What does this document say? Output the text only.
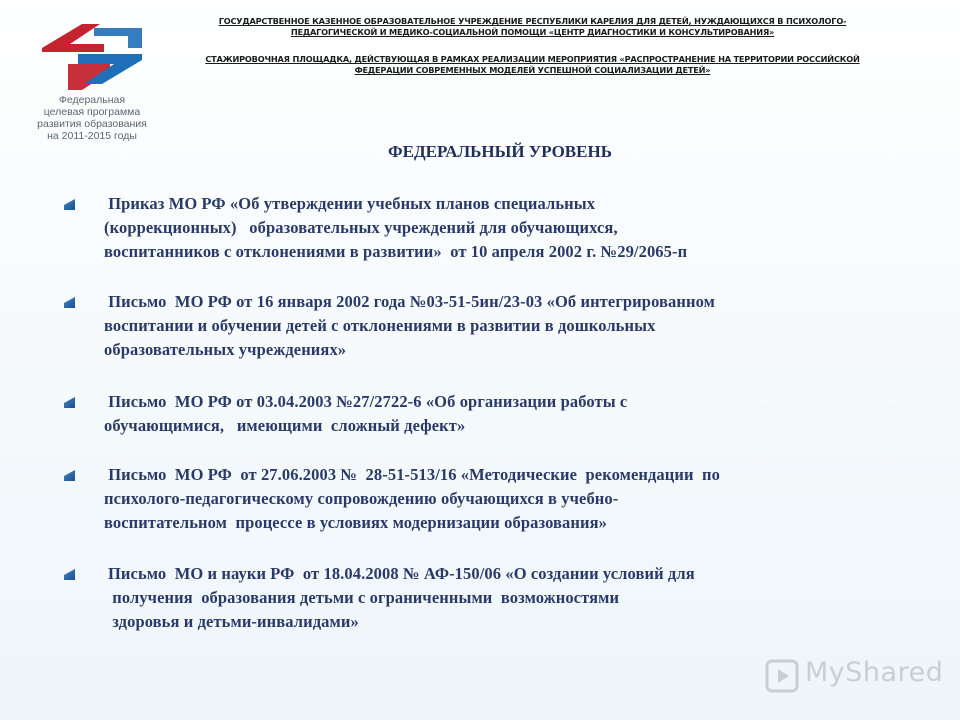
Федеральная
целевая программа
развития образования
на 2011-2015 годы
ГОСУДАРСТВЕННОЕ КАЗЕННОЕ ОБРАЗОВАТЕЛЬНОЕ УЧРЕЖДЕНИЕ РЕСПУБЛИКИ КАРЕЛИЯ ДЛЯ ДЕТЕЙ, НУЖДАЮЩИХСЯ В ПСИХОЛОГО-
ПЕДАГОГИЧЕСКОЙ И МЕДИКО-СОЦИАЛЬНОЙ ПОМОЩИ «ЦЕНТР ДИАГНОСТИКИ И КОНСУЛЬТИРОВАНИЯ»
СТАЖИРОВОЧНАЯ ПЛОЩАДКА, ДЕЙСТВУЮЩАЯ В РАМКАХ РЕАЛИЗАЦИИ МЕРОПРИЯТИЯ «РАСПРОСТРАНЕНИЕ НА ТЕРРИТОРИИ РОССИЙСКОЙ
ФЕДЕРАЦИИ СОВРЕМЕННЫХ МОДЕЛЕЙ УСПЕШНОЙ СОЦИАЛИЗАЦИИ ДЕТЕЙ»
ФЕДЕРАЛЬНЫЙ УРОВЕНЬ
Приказ МО РФ «Об утверждении учебных планов специальных
(коррекционных)   образовательных учреждений для обучающихся,
воспитанников с отклонениями в развитии»  от 10 апреля 2002 г. №29/2065-п
Письмо  МО РФ от 16 января 2002 года №03-51-5ин/23-03 «Об интегрированном
воспитании и обучении детей с отклонениями в развитии в дошкольных
образовательных учреждениях»
Письмо  МО РФ от 03.04.2003 №27/2722-6 «Об организации работы с
обучающимися,   имеющими  сложный дефект»
Письмо  МО РФ  от 27.06.2003 №  28-51-513/16 «Методические  рекомендации  по
психолого-педагогическому сопровождению обучающихся в учебно-
воспитательном  процессе в условиях модернизации образования»
Письмо  МО и науки РФ  от 18.04.2008 № АФ-150/06 «О создании условий для
получения  образования детьми с ограниченными  возможностями
здоровья и детьми-инвалидами»
MyShared
